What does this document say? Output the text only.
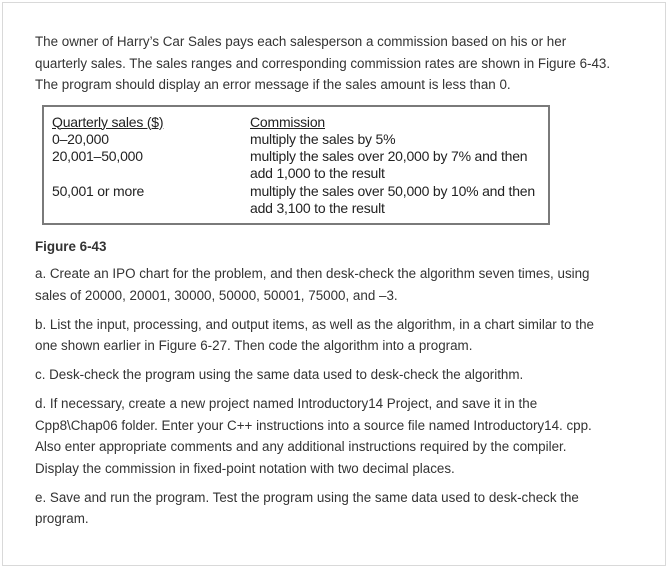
The owner of Harry’s Car Sales pays each salesperson a commission based on his or her
quarterly sales. The sales ranges and corresponding commission rates are shown in Figure 6-43.
The program should display an error message if the sales amount is less than 0.

Quarterly sales ($)	Commission
0–20,000	multiply the sales by 5%
20,001–50,000	multiply the sales over 20,000 by 7% and then
add 1,000 to the result
50,001 or more	multiply the sales over 50,000 by 10% and then
add 3,100 to the result
Figure 6-43

a. Create an IPO chart for the problem, and then desk-check the algorithm seven times, using
sales of 20000, 20001, 30000, 50000, 50001, 75000, and –3.

b. List the input, processing, and output items, as well as the algorithm, in a chart similar to the
one shown earlier in Figure 6-27. Then code the algorithm into a program.

c. Desk-check the program using the same data used to desk-check the algorithm.

d. If necessary, create a new project named Introductory14 Project, and save it in the
Cpp8\Chap06 folder. Enter your C++ instructions into a source file named Introductory14. cpp.
Also enter appropriate comments and any additional instructions required by the compiler.
Display the commission in fixed-point notation with two decimal places.

e. Save and run the program. Test the program using the same data used to desk-check the
program.
